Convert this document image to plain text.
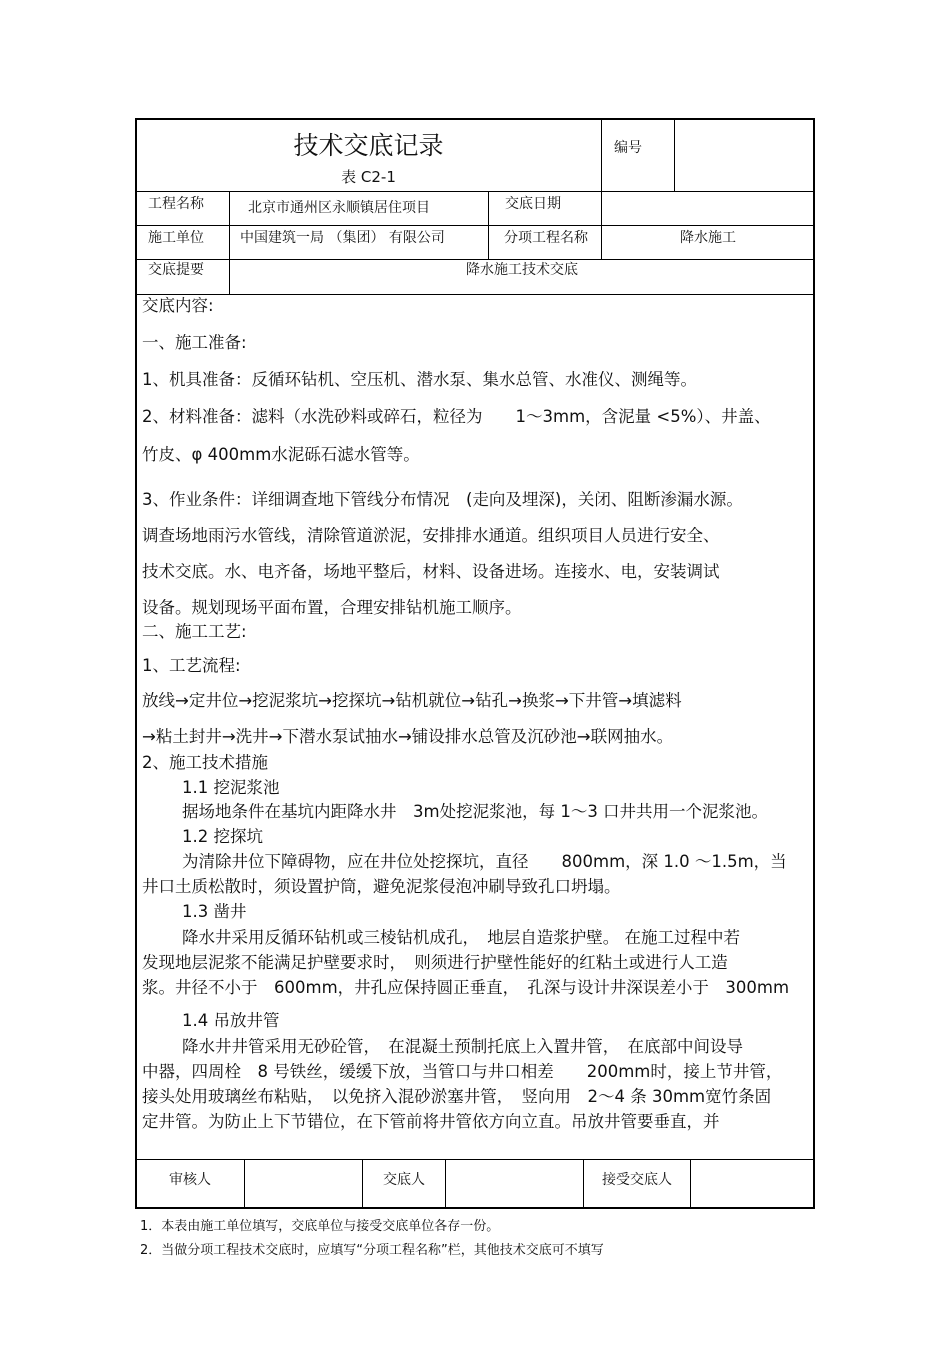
技术交底记录
表 C2-1
编号
工程名称	北京市通州区永顺镇居住项目	交底日期
施工单位	中国建筑一局 （集团） 有限公司	分项工程名称	降水施工
交底提要	降水施工技术交底
交底内容:
一、施工准备:
1、机具准备：反循环钻机、空压机、潜水泵、集水总管、水准仪、测绳等。
2、材料准备：滤料（水洗砂料或碎石，粒径为　　1～3mm，含泥量 <5%）、井盖、
竹皮、φ 400mm水泥砾石滤水管等。
3、作业条件：详细调查地下管线分布情况　(走向及埋深)，关闭、阻断渗漏水源。
调查场地雨污水管线，清除管道淤泥，安排排水通道。组织项目人员进行安全、
技术交底。水、电齐备，场地平整后，材料、设备进场。连接水、电，安装调试
设备。规划现场平面布置，合理安排钻机施工顺序。
二、施工工艺:
1、工艺流程:
放线→定井位→挖泥浆坑→挖探坑→钻机就位→钻孔→换浆→下井管→填滤料
→粘土封井→洗井→下潜水泵试抽水→铺设排水总管及沉砂池→联网抽水。
2、施工技术措施
1.1 挖泥浆池
据场地条件在基坑内距降水井　3m处挖泥浆池，每 1～3 口井共用一个泥浆池。
1.2 挖探坑
为清除井位下障碍物，应在井位处挖探坑，直径　　800mm，深 1.0 ～1.5m，当
井口土质松散时，须设置护筒，避免泥浆侵泡冲刷导致孔口坍塌。
1.3 凿井
降水井采用反循环钻机或三棱钻机成孔，　地层自造浆护壁。 在施工过程中若
发现地层泥浆不能满足护壁要求时，　则须进行护壁性能好的红粘土或进行人工造
浆。井径不小于　600mm，井孔应保持圆正垂直，　孔深与设计井深误差小于　300mm
1.4 吊放井管
降水井井管采用无砂砼管，　在混凝土预制托底上入置井管，　在底部中间设导
中器，四周栓　8 号铁丝，缓缓下放，当管口与井口相差　　200mm时，接上节井管，
接头处用玻璃丝布粘贴，　以免挤入混砂淤塞井管，　竖向用　2～4 条 30mm宽竹条固
定井管。为防止上下节错位，在下管前将井管依方向立直。吊放井管要垂直，并
审核人	交底人	接受交底人
1．本表由施工单位填写，交底单位与接受交底单位各存一份。
2．当做分项工程技术交底时，应填写“分项工程名称”栏，其他技术交底可不填写
